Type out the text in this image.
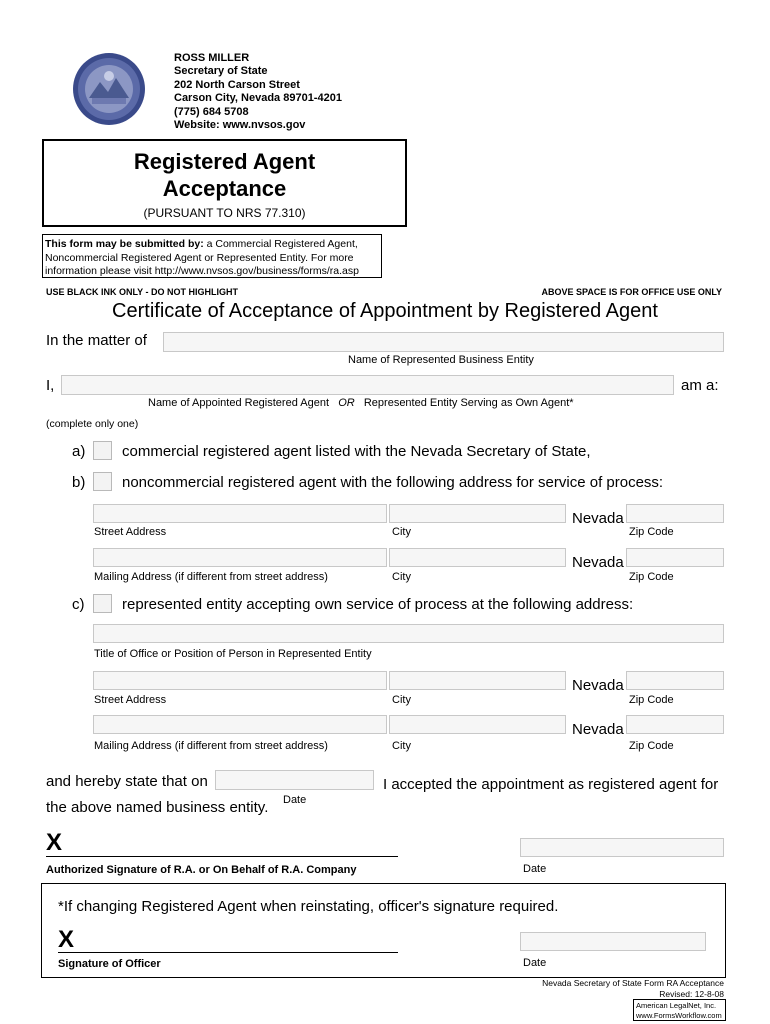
ROSS MILLER
Secretary of State
202 North Carson Street
Carson City, Nevada 89701-4201
(775) 684 5708
Website: www.nvsos.gov
Registered Agent
Acceptance
(PURSUANT TO NRS 77.310)
This form may be submitted by: a Commercial Registered Agent,
Noncommercial Registered Agent or Represented Entity. For more
information please visit http://www.nvsos.gov/business/forms/ra.asp
USE BLACK INK ONLY - DO NOT HIGHLIGHT	ABOVE SPACE IS FOR OFFICE USE ONLY
Certificate of Acceptance of Appointment by Registered Agent
In the matter of
Name of Represented Business Entity
I,	am a:
Name of Appointed Registered Agent OR Represented Entity Serving as Own Agent*
(complete only one)
a) commercial registered agent listed with the Nevada Secretary of State,
b) noncommercial registered agent with the following address for service of process:
Nevada
Street Address	City	Zip Code
Nevada
Mailing Address (if different from street address)	City	Zip Code
c)	represented entity accepting own service of process at the following address:
Title of Office or Position of Person in Represented Entity
Nevada
Street Address	City	Zip Code
Nevada
Mailing Address (if different from street address)	City	Zip Code
and hereby state that on	I accepted the appointment as registered agent for
Date
the above named business entity.
X
Authorized Signature of R.A. or On Behalf of R.A. Company	Date
*If changing Registered Agent when reinstating, officer's signature required.
X
Signature of Officer	Date
Nevada Secretary of State Form RA Acceptance
Revised: 12-8-08
American LegalNet, Inc.
www.FormsWorkflow.com
